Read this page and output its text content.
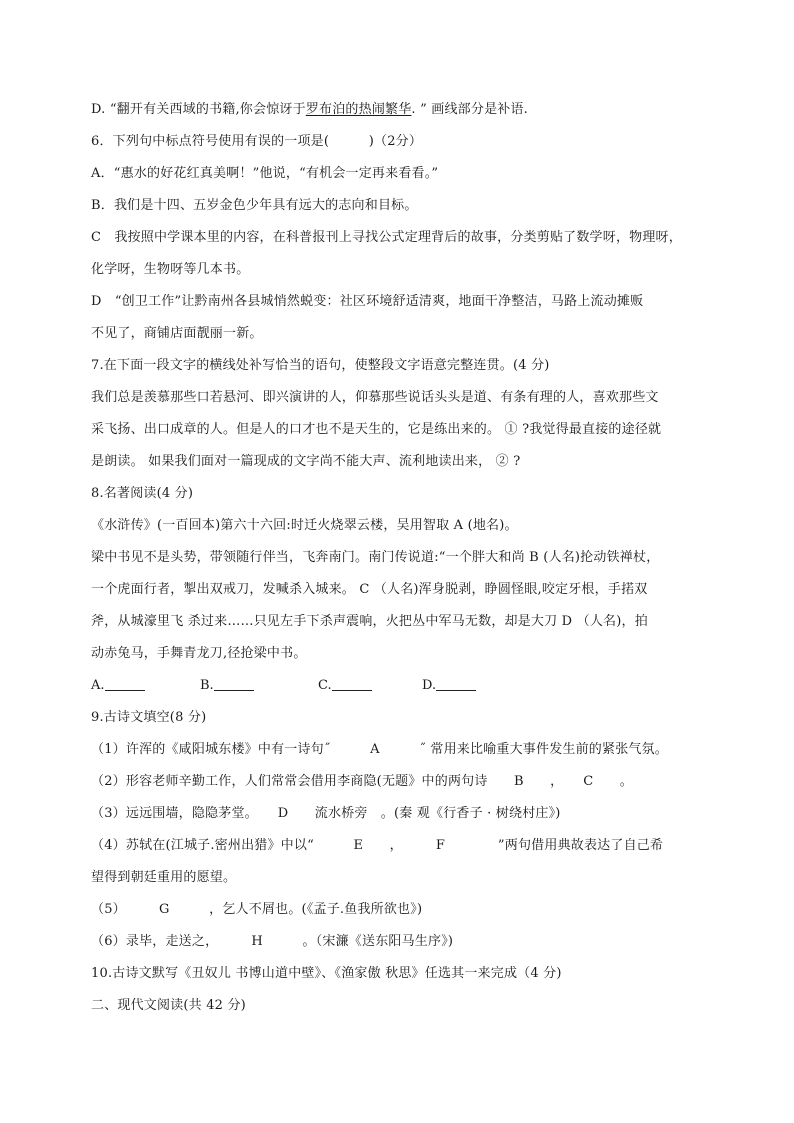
D. “翻开有关西域的书籍,你会惊讶于罗布泊的热闹繁华. ” 画线部分是补语.
6．下列句中标点符号使用有误的一项是(　　　)（2分）
A．“惠水的好花红真美啊！”他说，“有机会一定再来看看。”
B．我们是十四、五岁金色少年具有远大的志向和目标。
C　我按照中学课本里的内容，在科普报刊上寻找公式定理背后的故事，分类剪贴了数学呀，物理呀，
化学呀，生物呀等几本书。
D　“创卫工作”让黔南州各县城悄然蜕变：社区环境舒适清爽，地面干净整洁，马路上流动摊贩
不见了，商铺店面靓丽一新。
7.在下面一段文字的横线处补写恰当的语句，使整段文字语意完整连贯。(4 分)
我们总是羡慕那些口若悬河、即兴演讲的人，仰慕那些说话头头是道、有条有理的人，喜欢那些文
采飞扬、出口成章的人。但是人的口才也不是天生的，它是练出来的。 ① ?我觉得最直接的途径就
是朗读。 如果我们面对一篇现成的文字尚不能大声、流利地读出来， ② ?
8.名著阅读(4 分)
《水浒传》(一百回本)第六十六回:时迁火烧翠云楼，吴用智取 A (地名)。
梁中书见不是头势，带领随行伴当，飞奔南门。南门传说道:“一个胖大和尚 B (人名)抡动铁禅杖，
一个虎面行者，掣出双戒刀，发喊杀入城来。 C （人名)浑身脱剥，睁圆怪眼,咬定牙根，手掿双
斧，从城濠里飞 杀过来……只见左手下杀声震响，火把丛中军马无数，却是大刀 D （人名)，拍
动赤兔马，手舞青龙刀,径抢梁中书。
A.	B.	C.	D.
9.古诗文填空(8 分)
（1）许浑的《咸阳城东楼》中有一诗句˝　　　A　　　˝ 常用来比喻重大事件发生前的紧张气氛。
（2）形容老师辛勤工作，人们常常会借用李商隐(无题》中的两句诗　　B　　，　　C　　。
（3）远远围墙，隐隐茅堂。　　D　　流水桥旁　。(秦 观《行香子 · 树绕村庄》)
（4）苏轼在(江城子.密州出猎》中以“　　　E　　，　　　F　　　　”两句借用典故表达了自己希
望得到朝廷重用的愿望。
（5）　　　G　　　，乞人不屑也。(《孟子.鱼我所欲也》)
（6）录毕，走送之，　　　H　　　。（宋濂《送东阳马生序》)
10.古诗文默写《丑奴儿 书博山道中壁》、《渔家傲 秋思》任选其一来完成（4 分)
二、现代文阅读(共 42 分)
